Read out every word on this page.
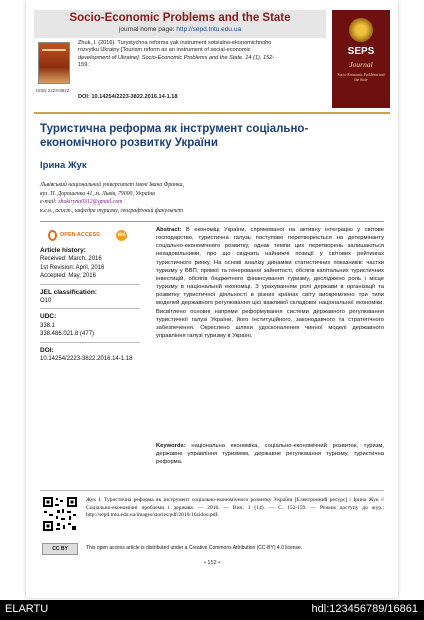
Socio-Economic Problems and the State
journal home page: http://sepd.tntu.edu.ua
ISSN 2223-3822
Zhuk, I. (2016). Turystychna reforma yak instrument sotsialno-ekonomichnoho
rozvytku Ukrainy [Tourism reform as an instrument of social-economic
development of Ukraine]. Socio-Economic Problems and the State. 14 (1), 152-
159.
DOI: 10.14254/2223-3822.2016.14-1.18
SEPS
Journal
Socio-Economic Problems and the State
Туристична реформа як інструмент соціально-економічного розвитку України
Ірина Жук
Львівський національний університет імені Івана Франка,
вул. П. Дорошенка 41, м. Львів, 79000, Україна
e-mail: zhukiryna0312@gmail.com
к.е.н., асист., кафедра туризму, географічний факультет
OPEN ACCESS	doi
Article history:
Received: March, 2016
1st Revision: April, 2016
Accepted: May, 2016
JEL classification:
O10
UDC:
338.1
338.486.021.8 (477)
DOI:
10.14254/2223-3822.2016.14-1.18
Abstract: В економіці України, спрямованої на активну інтеграцію у світове господарство, туристична галузь поступово перетворюється на детермінанту соціально-економічного розвитку, однак темпи цих перетворень залишаються незадовільними, про що свідчать найнижчі позиції у світових рейтингах туристичного ринку. На основі аналізу динаміки статистичних показників: частки туризму у ВВП, прямої та генерованої зайнятості, обсягів капітальних туристичних інвестицій, обсягів бюджетного фінансування туризму, досліджено роль і місце туризму в національній економіці. З урахуванням ролі держави в організації та розвитку туристичної діяльності в різних країнах світу виокремлено три типи моделей державного регулювання цієї важливої складової національної економіки. Висвітлено основні напрями реформування системи державного регулювання туристичної галузі України, його інституційного, законодавчого та стратегічного забезпечення. Окреслено шляхи удосконалення чинної моделі державного управління галузі туризму в Україні.
Keywords: національна економіка, соціально-економічний розвиток, туризм, державне управління туризмом, державне регулювання туризму, туристична реформа.
Жук І. Туристична реформа як інструмент соціально-економічного розвитку України [Електронний ресурс] / Ірина Жук // Соціально-економічні проблеми і держава. — 2016. — Вип. 1 (14). — С. 152-159. — Режим доступу до жур.: http://sepd.tntu.edu.ua/images/stories/pdf/2016/16zidou.pdf.
CC BY	This open access article is distributed under a Creative Commons Attribution (CC-BY) 4.0 license.
• 152 •
ELARTU	hdl:123456789/16861
